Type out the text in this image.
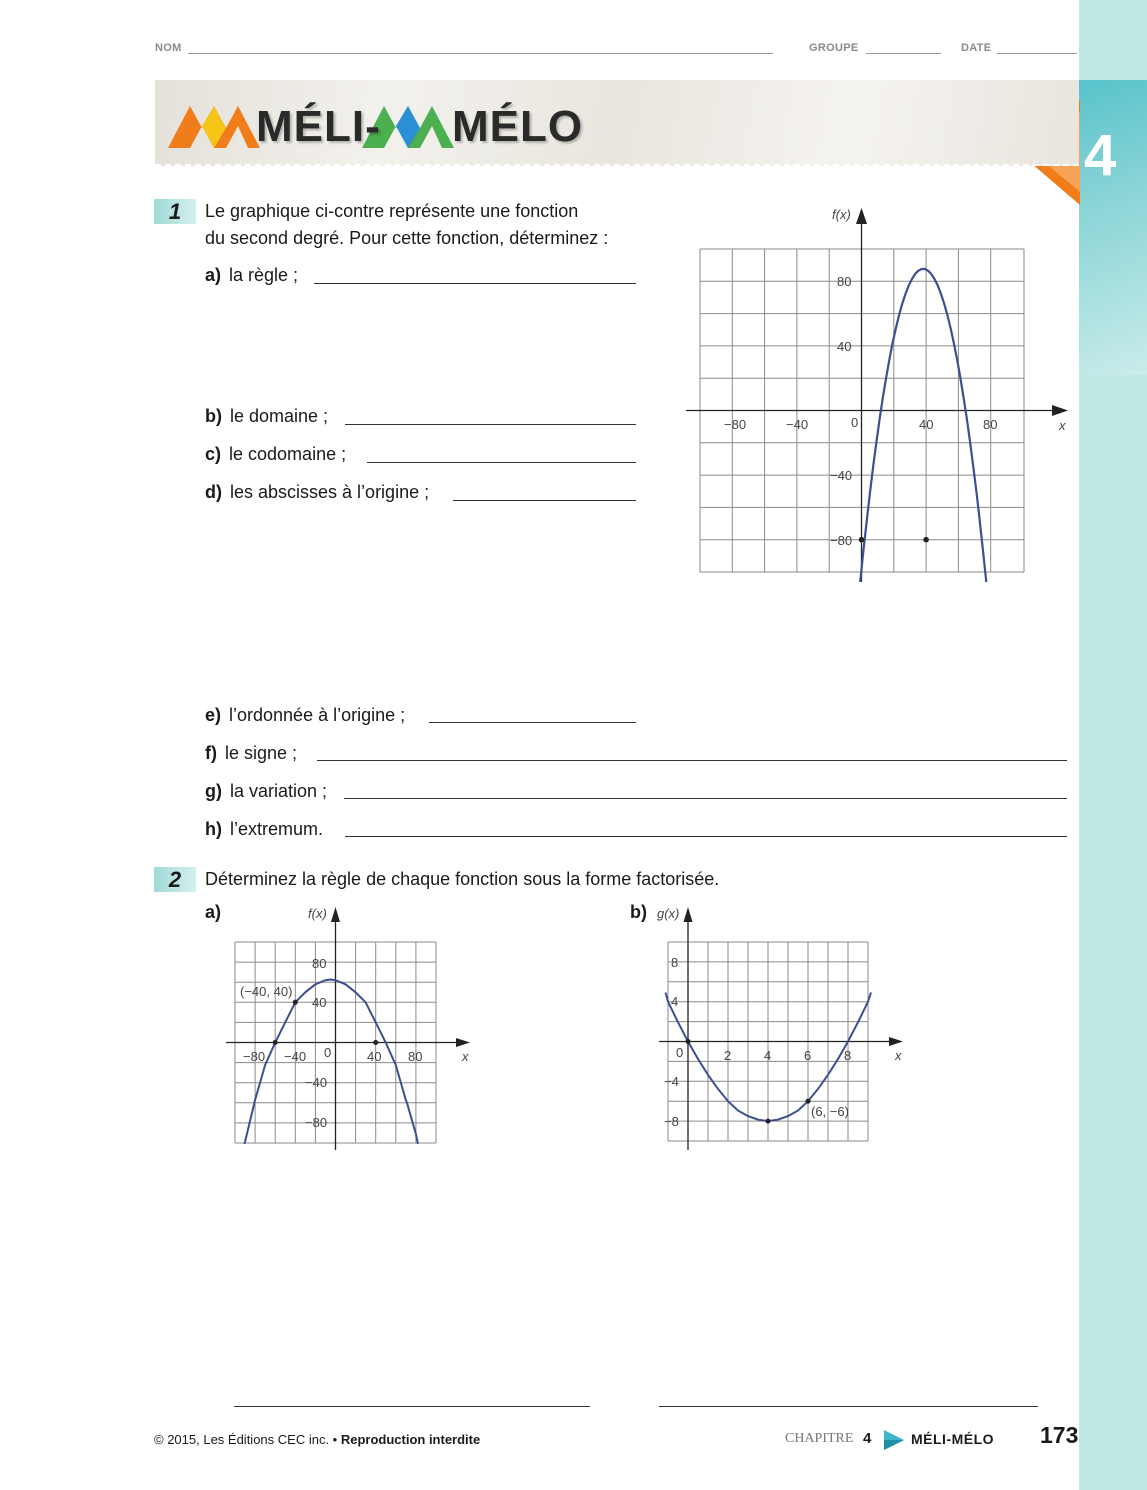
4
NOM	GROUPE	DATE
MÉLI- MÉLO
1	Le graphique ci-contre représente une fonction
du second degré. Pour cette fonction, déterminez :
a) la règle ;
b) le domaine ;
c) le codomaine ;
d) les abscisses à l’origine ;
e) l’ordonnée à l’origine ;
f) le signe ;
g) la variation ;
h) l’extremum.
f(x)
x
0
−80	−40	40	80
80
40
−40
−80
2	Déterminez la règle de chaque fonction sous la forme factorisée.
a)	b)
f(x)
x
0
−80 −40	40 80
80
40
−40
−80
(−40, 40)
g(x)
x
0	2	4	6	8
8
4
−4
−8
(6, −6)
© 2015, Les Éditions CEC inc. • Reproduction interdite	CHAPITRE 4	MÉLI-MÉLO 173
